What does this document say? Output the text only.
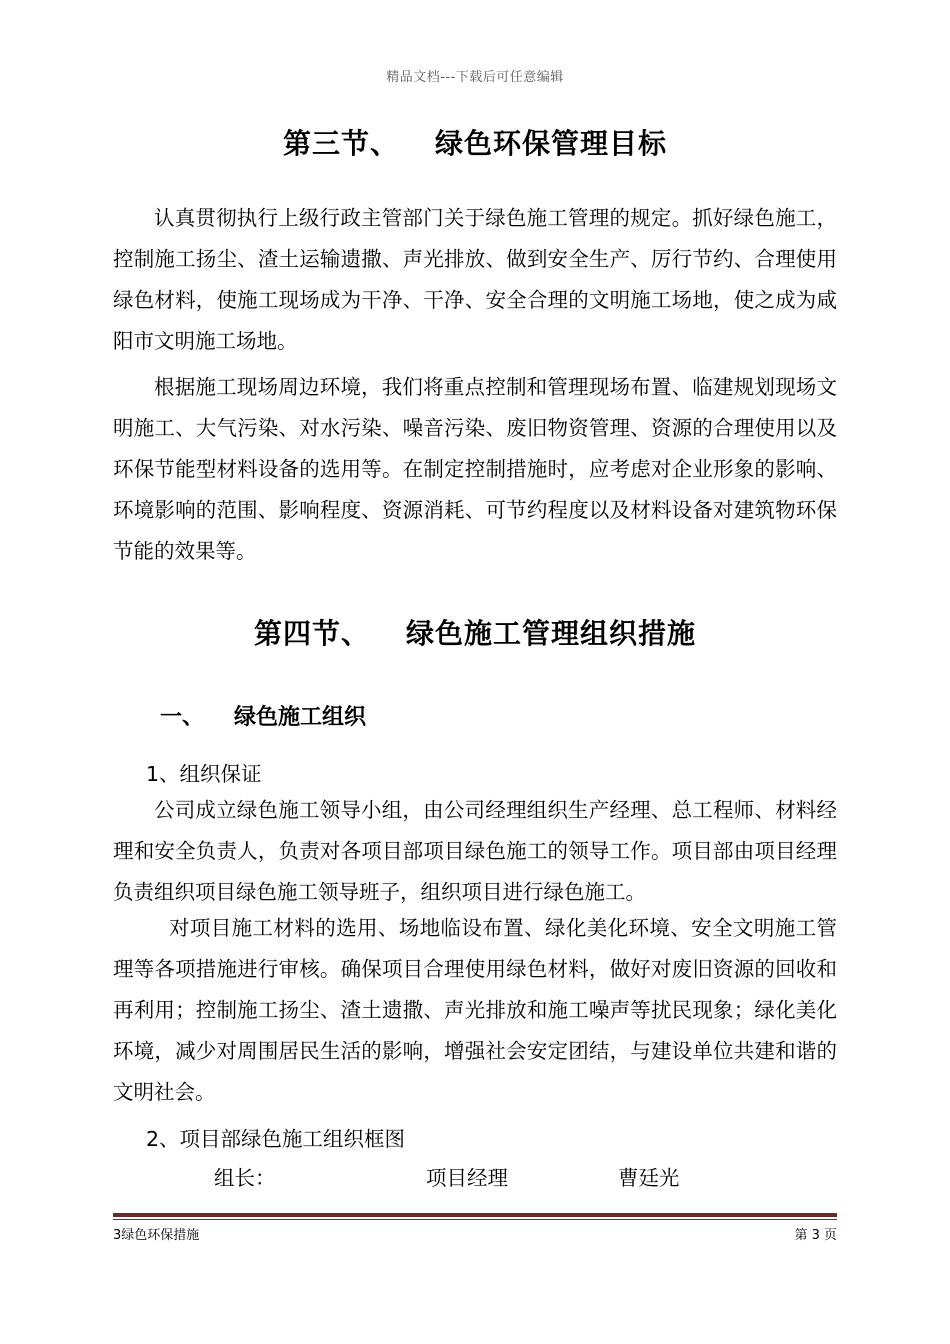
精品文档---下载后可任意编辑
第三节、 绿色环保管理目标

认真贯彻执行上级行政主管部门关于绿色施工管理的规定。抓好绿色施工，控制施工扬尘、渣土运输遗撒、声光排放、做到安全生产、厉行节约、合理使用绿色材料，使施工现场成为干净、干净、安全合理的文明施工场地，使之成为咸阳市文明施工场地。

根据施工现场周边环境，我们将重点控制和管理现场布置、临建规划现场文明施工、大气污染、对水污染、噪音污染、废旧物资管理、资源的合理使用以及环保节能型材料设备的选用等。在制定控制措施时，应考虑对企业形象的影响、环境影响的范围、影响程度、资源消耗、可节约程度以及材料设备对建筑物环保节能的效果等。

第四节、 绿色施工管理组织措施
一、 绿色施工组织
1、组织保证

公司成立绿色施工领导小组，由公司经理组织生产经理、总工程师、材料经理和安全负责人，负责对各项目部项目绿色施工的领导工作。项目部由项目经理负责组织项目绿色施工领导班子，组织项目进行绿色施工。

对项目施工材料的选用、场地临设布置、绿化美化环境、安全文明施工管理等各项措施进行审核。确保项目合理使用绿色材料，做好对废旧资源的回收和再利用；控制施工扬尘、渣土遗撒、声光排放和施工噪声等扰民现象；绿化美化环境，减少对周围居民生活的影响，增强社会安定团结，与建设单位共建和谐的文明社会。

2、项目部绿色施工组织框图
组长：	项目经理	曹廷光
3绿色环保措施	第 3 页
